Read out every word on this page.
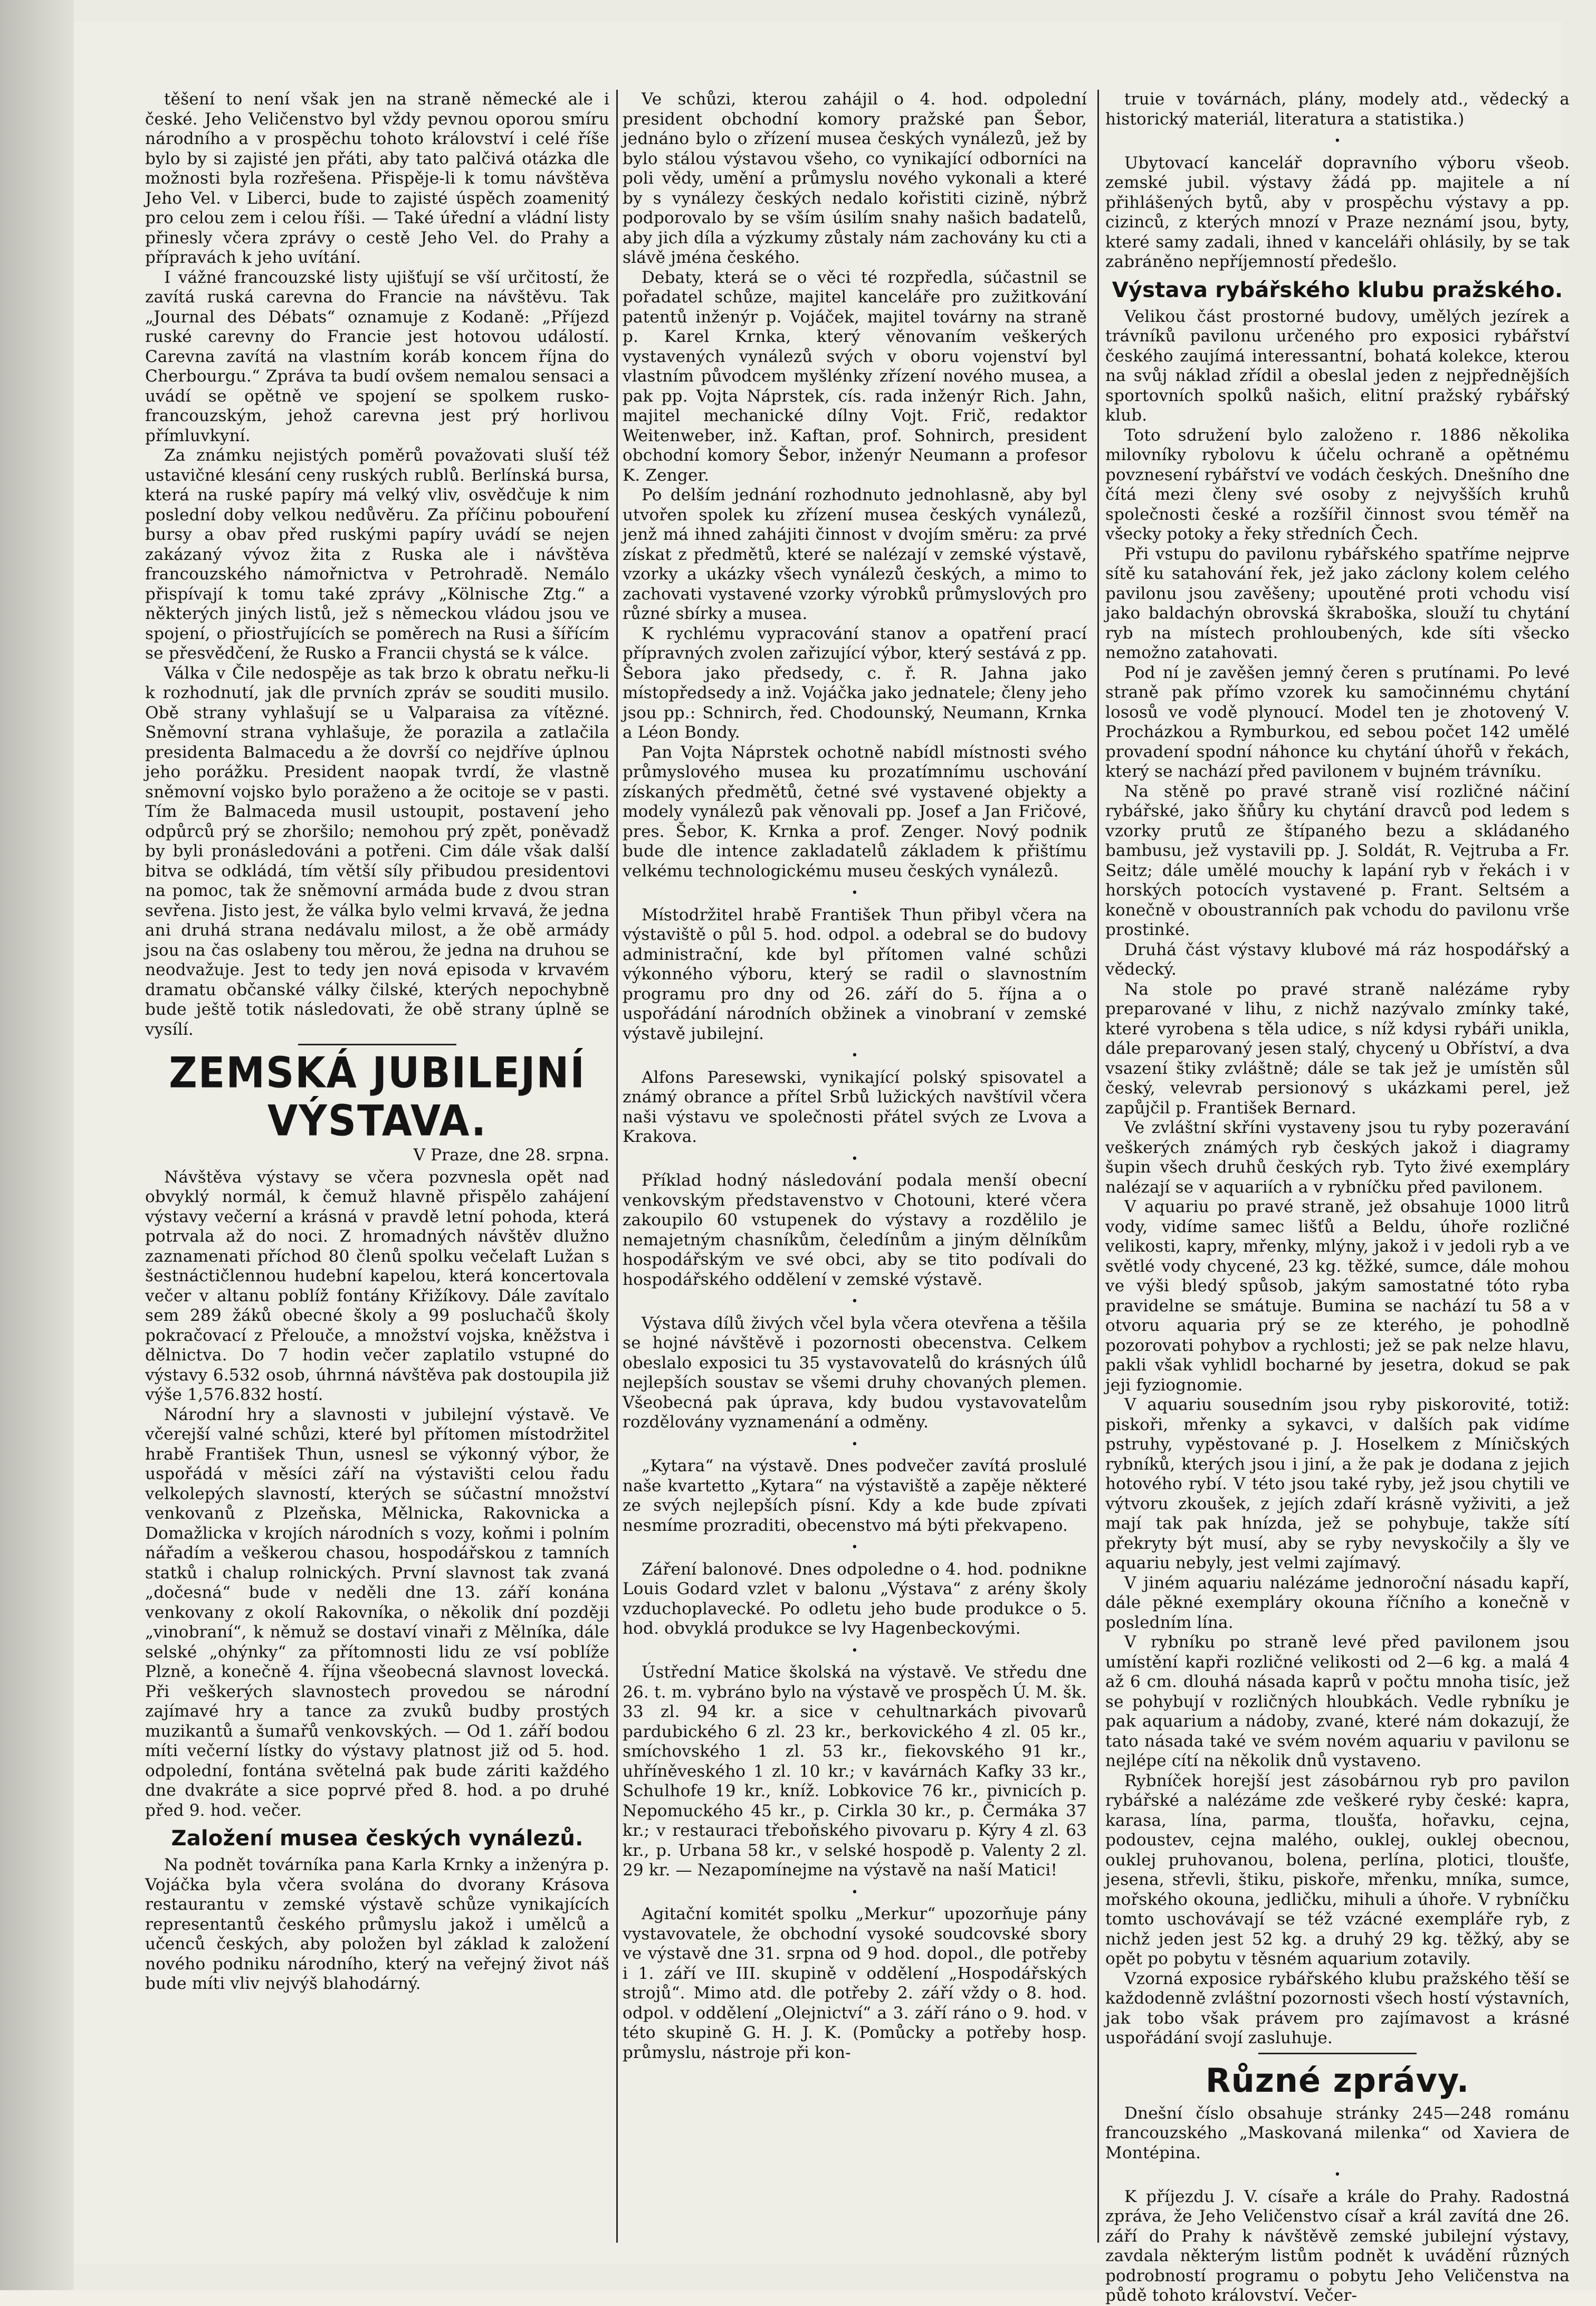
těšení to není však jen na straně německé ale i české. Jeho Veličenstvo byl vždy pevnou oporou smíru národního a v prospěchu tohoto království i celé říše bylo by si zajisté jen přáti, aby tato palčivá otázka dle možnosti byla rozřešena. Přispěje-li k tomu návštěva Jeho Vel. v Liberci, bude to zajisté úspěch zoamenitý pro celou zem i celou říši. — Také úřední a vládní listy přinesly včera zprávy o cestě Jeho Vel. do Prahy a přípravách k jeho uvítání.

I vážné francouzské listy ujišťují se vší určitostí, že zavítá ruská carevna do Francie na návštěvu. Tak „Journal des Débats“ oznamuje z Kodaně: „Příjezd ruské carevny do Francie jest hotovou událostí. Carevna zavítá na vlastním koráb koncem října do Cherbourgu.“ Zpráva ta budí ovšem nemalou sensaci a uvádí se opětně ve spojení se spolkem rusko-francouzským, jehož carevna jest prý horlivou přímluvkyní.

Za známku nejistých poměrů považovati sluší též ustavičné klesání ceny ruských rublů. Berlínská bursa, která na ruské papíry má velký vliv, osvědčuje k nim poslední doby velkou nedůvěru. Za příčinu pobouření bursy a obav před ruskými papíry uvádí se nejen zakázaný vývoz žita z Ruska ale i návštěva francouzského námořnictva v Petrohradě. Nemálo přispívají k tomu také zprávy „Kölnische Ztg.“ a některých jiných listů, jež s německou vládou jsou ve spojení, o přiostřujících se poměrech na Rusi a šířícím se přesvědčení, že Rusko a Francii chystá se k válce.

Válka v Čile nedospěje as tak brzo k obratu neřku-li k rozhodnutí, jak dle prvních zpráv se souditi musilo. Obě strany vyhlašují se u Valparaisa za vítězné. Sněmovní strana vyhlašuje, že porazila a zatlačila presidenta Balmacedu a že dovrší co nejdříve úplnou jeho porážku. President naopak tvrdí, že vlastně sněmovní vojsko bylo poraženo a že ocitoje se v pasti. Tím že Balmaceda musil ustoupit, postavení jeho odpůrců prý se zhoršilo; nemohou prý zpět, poněvadž by byli pronásledováni a potřeni. Cim dále však další bitva se odkládá, tím větší síly přibudou presidentovi na pomoc, tak že sněmovní armáda bude z dvou stran sevřena. Jisto jest, že válka bylo velmi krvavá, že jedna ani druhá strana nedávalu milost, a že obě armády jsou na čas oslabeny tou měrou, že jedna na druhou se neodvažuje. Jest to tedy jen nová episoda v krvavém dramatu občanské války čilské, kterých nepochybně bude ještě totik následovati, že obě strany úplně se vysílí.

ZEMSKÁ JUBILEJNÍ VÝSTAVA.
V Praze, dne 28. srpna.

Návštěva výstavy se včera pozvnesla opět nad obvyklý normál, k čemuž hlavně přispělo zahájení výstavy večerní a krásná v pravdě letní pohoda, která potrvala až do noci. Z hromadných návštěv dlužno zaznamenati příchod 80 členů spolku večelaft Lužan s šestnáctičlennou hudební kapelou, která koncertovala večer v altanu poblíž fontány Křižíkovy. Dále zavítalo sem 289 žáků obecné školy a 99 posluchačů školy pokračovací z Přelouče, a množství vojska, kněžstva i dělnictva. Do 7 hodin večer zaplatilo vstupné do výstavy 6.532 osob, úhrnná návštěva pak dostoupila již výše 1,576.832 hostí.

Národní hry a slavnosti v jubilejní výstavě. Ve včerejší valné schůzi, které byl přítomen místodržitel hrabě František Thun, usnesl se výkonný výbor, že uspořádá v měsíci září na výstavišti celou řadu velkolepých slavností, kterých se súčastní množství venkovanů z Plzeňska, Mělnicka, Rakovnicka a Domažlicka v krojích národních s vozy, koňmi i polním nářadím a veškerou chasou, hospodářskou z tamních statků i chalup rolnických. První slavnost tak zvaná „dočesná“ bude v neděli dne 13. září konána venkovany z okolí Rakovníka, o několik dní později „vinobraní“, k němuž se dostaví vinaři z Mělníka, dále selské „ohýnky“ za přítomnosti lidu ze vsí poblíže Plzně, a konečně 4. října všeobecná slavnost lovecká. Při veškerých slavnostech provedou se národní zajímavé hry a tance za zvuků budby prostých muzikantů a šumařů venkovských. — Od 1. září bodou míti večerní lístky do výstavy platnost již od 5. hod. odpolední, fontána světelná pak bude záriti každého dne dvakráte a sice poprvé před 8. hod. a po druhé před 9. hod. večer.

Založení musea českých vynálezů.

Na podnět továrníka pana Karla Krnky a inženýra p. Vojáčka byla včera svolána do dvorany Krásova restaurantu v zemské výstavě schůze vynikajících representantů českého průmyslu jakož i umělců a učenců českých, aby položen byl základ k založení nového podniku národního, který na veřejný život náš bude míti vliv nejvýš blahodárný.

Ve schůzi, kterou zahájil o 4. hod. odpolední president obchodní komory pražské pan Šebor, jednáno bylo o zřízení musea českých vynálezů, jež by bylo stálou výstavou všeho, co vynikající odborníci na poli vědy, umění a průmyslu nového vykonali a které by s vynálezy českých nedalo kořistiti cizině, nýbrž podporovalo by se vším úsilím snahy našich badatelů, aby jich díla a výzkumy zůstaly nám zachovány ku cti a slávě jména českého.

Debaty, která se o věci té rozpředla, súčastnil se pořadatel schůze, majitel kanceláře pro zužitkování patentů inženýr p. Vojáček, majitel továrny na straně p. Karel Krnka, který věnovaním veškerých vystavených vynálezů svých v oboru vojenství byl vlastním původcem myšlénky zřízení nového musea, a pak pp. Vojta Náprstek, cís. rada inženýr Rich. Jahn, majitel mechanické dílny Vojt. Frič, redaktor Weitenweber, inž. Kaftan, prof. Sohnirch, president obchodní komory Šebor, inženýr Neumann a profesor K. Zenger.

Po delším jednání rozhodnuto jednohlasně, aby byl utvořen spolek ku zřízení musea českých vynálezů, jenž má ihned zahájiti činnost v dvojím směru: za prvé získat z předmětů, které se nalézají v zemské výstavě, vzorky a ukázky všech vynálezů českých, a mimo to zachovati vystavené vzorky výrobků průmyslových pro různé sbírky a musea.

K rychlému vypracování stanov a opatření prací přípravných zvolen zařizující výbor, který sestává z pp. Šebora jako předsedy, c. ř. R. Jahna jako místopředsedy a inž. Vojáčka jako jednatele; členy jeho jsou pp.: Schnirch, řed. Chodounský, Neumann, Krnka a Léon Bondy.

Pan Vojta Náprstek ochotně nabídl místnosti svého průmyslového musea ku prozatímnímu uschování získaných předmětů, četné své vystavené objekty a modely vynálezů pak věnovali pp. Josef a Jan Fričové, pres. Šebor, K. Krnka a prof. Zenger. Nový podnik bude dle intence zakladatelů základem k přištímu velkému technologickému museu českých vynálezů.

•

Místodržitel hrabě František Thun přibyl včera na výstaviště o půl 5. hod. odpol. a odebral se do budovy administrační, kde byl přítomen valné schůzi výkonného výboru, který se radil o slavnostním programu pro dny od 26. září do 5. října a o uspořádání národních obžinek a vinobraní v zemské výstavě jubilejní.

•

Alfons Paresewski, vynikající polský spisovatel a známý obrance a přítel Srbů lužických navštívil včera naši výstavu ve společnosti přátel svých ze Lvova a Krakova.

•

Příklad hodný následování podala menší obecní venkovským představenstvo v Chotouni, které včera zakoupilo 60 vstupenek do výstavy a rozdělilo je nemajetným chasníkům, čeledínům a jiným dělníkům hospodářským ve své obci, aby se tito podívali do hospodářského oddělení v zemské výstavě.

•

Výstava dílů živých včel byla včera otevřena a těšila se hojné návštěvě i pozornosti obecenstva. Celkem obeslalo exposici tu 35 vystavovatelů do krásných úlů nejlepších soustav se všemi druhy chovaných plemen. Všeobecná pak úprava, kdy budou vystavovatelům rozdělovány vyznamenání a odměny.

•

„Kytara“ na výstavě. Dnes podvečer zavítá proslulé naše kvartetto „Kytara“ na výstaviště a zapěje některé ze svých nejlepších písní. Kdy a kde bude zpívati nesmíme prozraditi, obecenstvo má býti překvapeno.

•

Záření balonové. Dnes odpoledne o 4. hod. podnikne Louis Godard vzlet v balonu „Výstava“ z arény školy vzduchoplavecké. Po odletu jeho bude produkce o 5. hod. obvyklá produkce se lvy Hagenbeckovými.

•

Ústřední Matice školská na výstavě. Ve středu dne 26. t. m. vybráno bylo na výstavě ve prospěch Ú. M. šk. 33 zl. 94 kr. a sice v cehultnarkách pivovarů pardubického 6 zl. 23 kr., berkovického 4 zl. 05 kr., smíchovského 1 zl. 53 kr., fiekovského 91 kr., uhříněveského 1 zl. 10 kr.; v kavárnách Kafky 33 kr., Schulhofe 19 kr., kníž. Lobkovice 76 kr., pivnicích p. Nepomuckého 45 kr., p. Cirkla 30 kr., p. Čermáka 37 kr.; v restauraci třeboňského pivovaru p. Kýry 4 zl. 63 kr., p. Urbana 58 kr., v selské hospodě p. Valenty 2 zl. 29 kr. — Nezapomínejme na výstavě na naší Matici!

•

Agitační komitét spolku „Merkur“ upozorňuje pány vystavovatele, že obchodní vysoké soudcovské sbory ve výstavě dne 31. srpna od 9 hod. dopol., dle potřeby i 1. září ve III. skupině v oddělení „Hospodářských strojů“. Mimo atd. dle potřeby 2. září vždy o 8. hod. odpol. v oddělení „Olejnictví“ a 3. září ráno o 9. hod. v této skupině G. H. J. K. (Pomůcky a potřeby hosp. průmyslu, nástroje při kon-

truie v továrnách, plány, modely atd., vědecký a historický materiál, literatura a statistika.)

•

Ubytovací kancelář dopravního výboru všeob. zemské jubil. výstavy žádá pp. majitele a ní přihlášených bytů, aby v prospěchu výstavy a pp. cizinců, z kterých mnozí v Praze neznámí jsou, byty, které samy zadali, ihned v kanceláři ohlásily, by se tak zabráněno nepříjemností předešlo.

Výstava rybářského klubu pražského.

Velikou část prostorné budovy, umělých jezírek a trávníků pavilonu určeného pro exposici rybářství českého zaujímá interessantní, bohatá kolekce, kterou na svůj náklad zřídil a obeslal jeden z nejpřednějších sportovních spolků našich, elitní pražský rybářský klub.

Toto sdružení bylo založeno r. 1886 několika milovníky rybolovu k účelu ochraně a opětnému povznesení rybářství ve vodách českých. Dnešního dne čítá mezi členy své osoby z nejvyšších kruhů společnosti české a rozšířil činnost svou téměř na všecky potoky a řeky středních Čech.

Při vstupu do pavilonu rybářského spatříme nejprve sítě ku satahování řek, jež jako záclony kolem celého pavilonu jsou zavěšeny; upoutěné proti vchodu visí jako baldachýn obrovská škraboška, slouží tu chytání ryb na místech prohloubených, kde síti všecko nemožno zatahovati.

Pod ní je zavěšen jemný čeren s prutínami. Po levé straně pak přímo vzorek ku samočinnému chytání lososů ve vodě plynoucí. Model ten je zhotovený V. Procházkou a Rymburkou, ed sebou počet 142 umělé provadení spodní náhonce ku chytání úhořů v řekách, který se nachází před pavilonem v bujném trávníku.

Na stěně po pravé straně visí rozličné náčiní rybářské, jako šňůry ku chytání dravců pod ledem s vzorky prutů ze štípaného bezu a skládaného bambusu, jež vystavili pp. J. Soldát, R. Vejtruba a Fr. Seitz; dále umělé mouchy k lapání ryb v řekách i v horských potocích vystavené p. Frant. Seltsém a konečně v oboustranních pak vchodu do pavilonu vrše prostinké.

Druhá část výstavy klubové má ráz hospodářský a vědecký.

Na stole po pravé straně nalézáme ryby preparované v lihu, z nichž nazývalo zmínky také, které vyrobena s těla udice, s níž kdysi rybáři unikla, dále preparovaný jesen stalý, chycený u Obříství, a dva vsazení štiky zvláštně; dále se tak jež je umístěn sůl český, velevrab persionový s ukázkami perel, jež zapůjčil p. František Bernard.

Ve zvláštní skříni vystaveny jsou tu ryby pozeravání veškerých známých ryb českých jakož i diagramy šupin všech druhů českých ryb. Tyto živé exempláry nalézají se v aquariích a v rybníčku před pavilonem.

V aquariu po pravé straně, jež obsahuje 1000 litrů vody, vidíme samec lišťů a Beldu, úhoře rozličné velikosti, kapry, mřenky, mlýny, jakož i v jedoli ryb a ve světlé vody chycené, 23 kg. těžké, sumce, dále mohou ve výši bledý spůsob, jakým samostatné tóto ryba pravidelne se smátuje. Bumina se nachází tu 58 a v otvoru aquaria prý se ze kterého, je pohodlně pozorovati pohybov a rychlosti; jež se pak nelze hlavu, pakli však vyhlidl bocharné by jesetra, dokud se pak jeji fyziognomie.

V aquariu sousedním jsou ryby piskorovité, totiž: piskoři, mřenky a sykavci, v dalších pak vidíme pstruhy, vypěstované p. J. Hoselkem z Míničských rybníků, kterých jsou i jiní, a že pak je dodana z jejich hotového rybí. V této jsou také ryby, jež jsou chytili ve výtvoru zkoušek, z jejích zdaří krásně vyživiti, a jež mají tak pak hnízda, jež se pohybuje, takže sítí překryty být musí, aby se ryby nevyskočily a šly ve aquariu nebyly, jest velmi zajímavý.

V jiném aquariu nalézáme jednoroční násadu kapří, dále pěkné exempláry okouna říčního a konečně v posledním lína.

V rybníku po straně levé před pavilonem jsou umístění kapři rozličné velikosti od 2—6 kg. a malá 4 až 6 cm. dlouhá násada kaprů v počtu mnoha tisíc, jež se pohybují v rozličných hloubkách. Vedle rybníku je pak aquarium a nádoby, zvané, které nám dokazují, že tato násada také ve svém novém aquariu v pavilonu se nejlépe cítí na několik dnů vystaveno.

Rybníček horejší jest zásobárnou ryb pro pavilon rybářské a nalézáme zde veškeré ryby české: kapra, karasa, lína, parma, tloušťa, hořavku, cejna, podoustev, cejna malého, ouklej, ouklej obecnou, ouklej pruhovanou, bolena, perlína, plotici, tloušťe, jesena, střevli, štiku, piskoře, mřenku, mníka, sumce, mořského okouna, jedličku, mihuli a úhoře. V rybníčku tomto uschovávají se též vzácné exempláře ryb, z nichž jeden jest 52 kg. a druhý 29 kg. těžký, aby se opět po pobytu v těsném aquarium zotavily.

Vzorná exposice rybářského klubu pražského těší se každodenně zvláštní pozornosti všech hostí výstavních, jak tobo však právem pro zajímavost a krásné uspořádání svojí zasluhuje.

Různé zprávy.

Dnešní číslo obsahuje stránky 245—248 románu francouzského „Maskovaná milenka“ od Xaviera de Montépina.

•

K příjezdu J. V. císaře a krále do Prahy. Radostná zpráva, že Jeho Veličenstvo císař a král zavítá dne 26. září do Prahy k návštěvě zemské jubilejní výstavy, zavdala některým listům podnět k uvádění různých podrobností programu o pobytu Jeho Veličenstva na půdě tohoto království. Večer-
